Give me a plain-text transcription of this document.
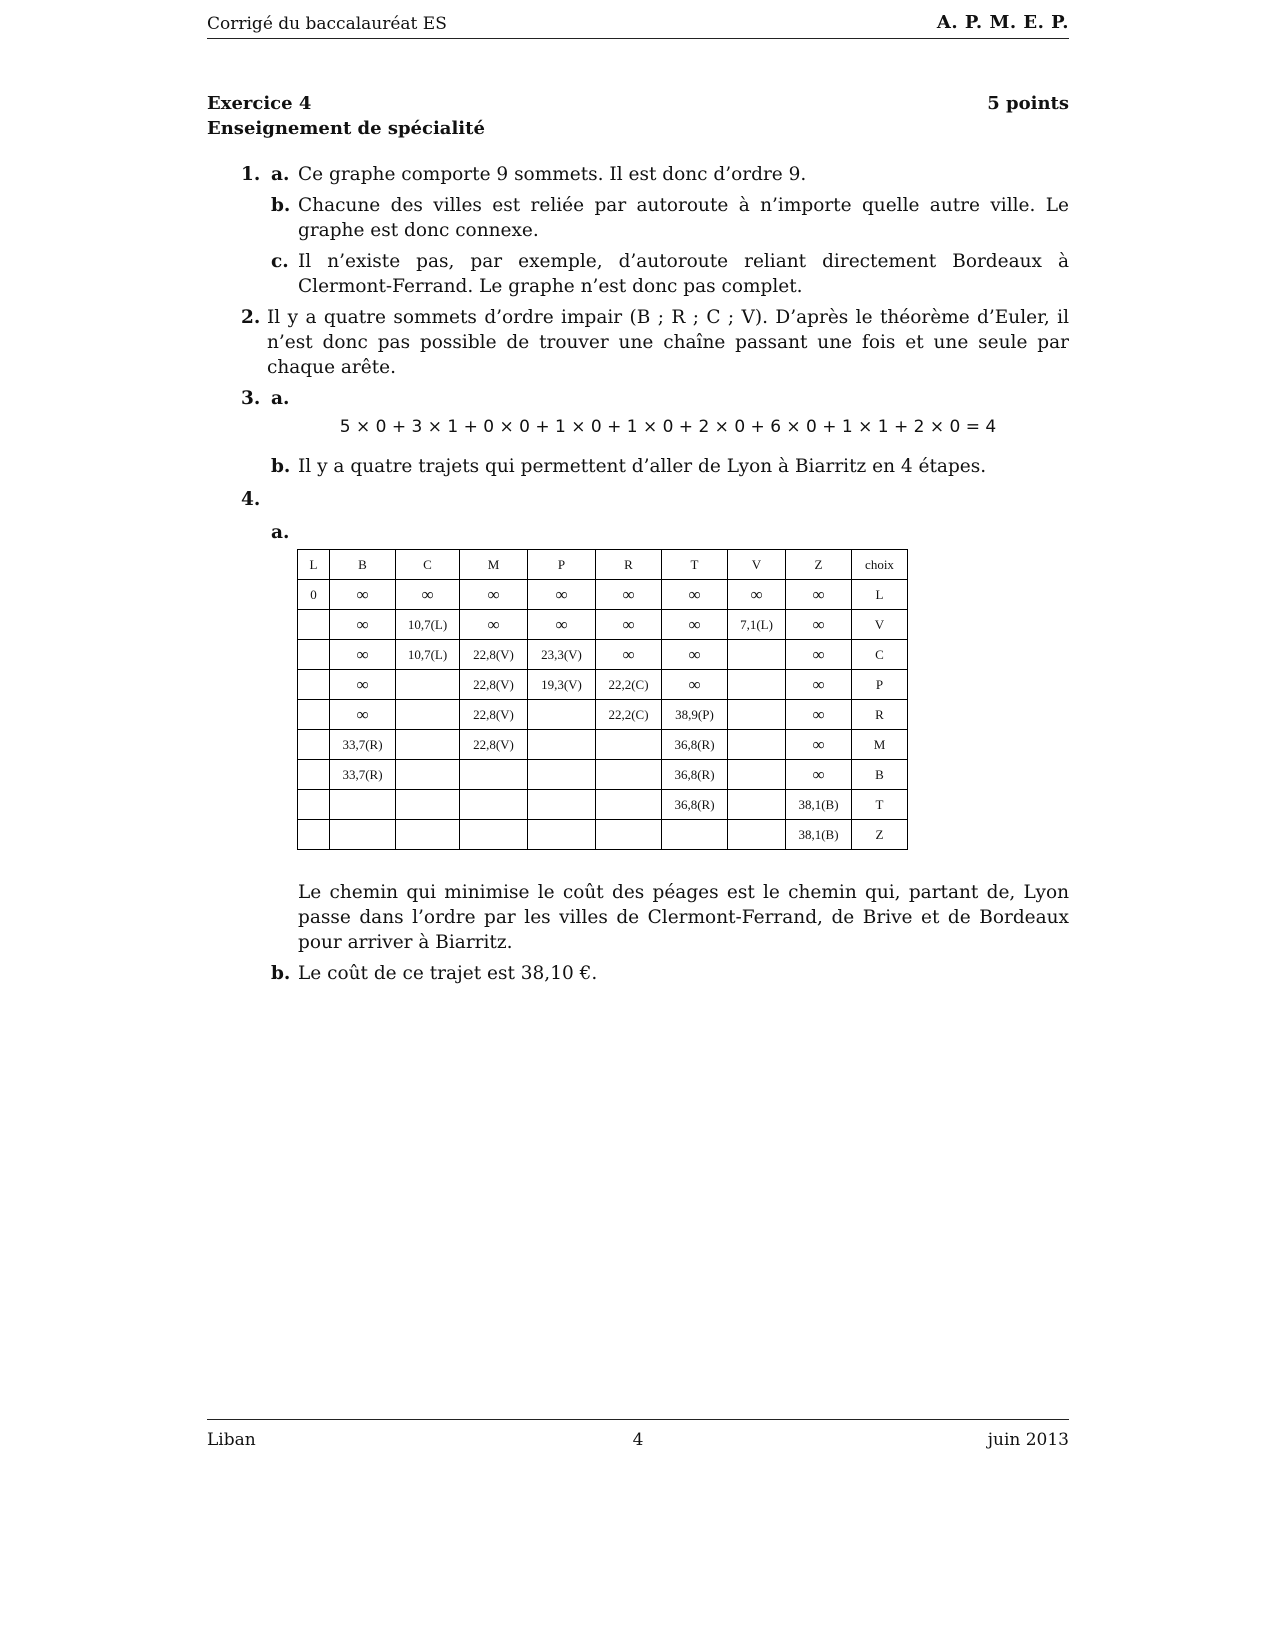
Corrigé du baccalauréat ES	A. P. M. E. P.
Exercice 4	5 points
Enseignement de spécialité
1. a. Ce graphe comporte 9 sommets. Il est donc d’ordre 9.
b. Chacune des villes est reliée par autoroute à n’importe quelle autre ville. Le graphe est donc connexe.
c. Il n’existe pas, par exemple, d’autoroute reliant directement Bordeaux à Clermont-Ferrand. Le graphe n’est donc pas complet.
2. Il y a quatre sommets d’ordre impair (B ; R ; C ; V). D’après le théorème d’Euler, il n’est donc pas possible de trouver une chaîne passant une fois et une seule par chaque arête.
3. a.
5 × 0 + 3 × 1 + 0 × 0 + 1 × 0 + 1 × 0 + 2 × 0 + 6 × 0 + 1 × 1 + 2 × 0 = 4
b. Il y a quatre trajets qui permettent d’aller de Lyon à Biarritz en 4 étapes.
4.
a.
L	B	C	M	P	R	T	V	Z	choix
0	∞	∞	∞	∞	∞	∞	∞	∞	L
	∞	10,7(L)	∞	∞	∞	∞	7,1(L)	∞	V
	∞	10,7(L)	22,8(V)	23,3(V)	∞	∞		∞	C
	∞		22,8(V)	19,3(V)	22,2(C)	∞		∞	P
	∞		22,8(V)		22,2(C)	38,9(P)		∞	R
	33,7(R)		22,8(V)			36,8(R)		∞	M
	33,7(R)					36,8(R)		∞	B
						36,8(R)		38,1(B)	T
								38,1(B)	Z
Le chemin qui minimise le coût des péages est le chemin qui, partant de, Lyon passe dans l’ordre par les villes de Clermont-Ferrand, de Brive et de Bordeaux pour arriver à Biarritz.
b. Le coût de ce trajet est 38,10 €.
Liban	4	juin 2013
